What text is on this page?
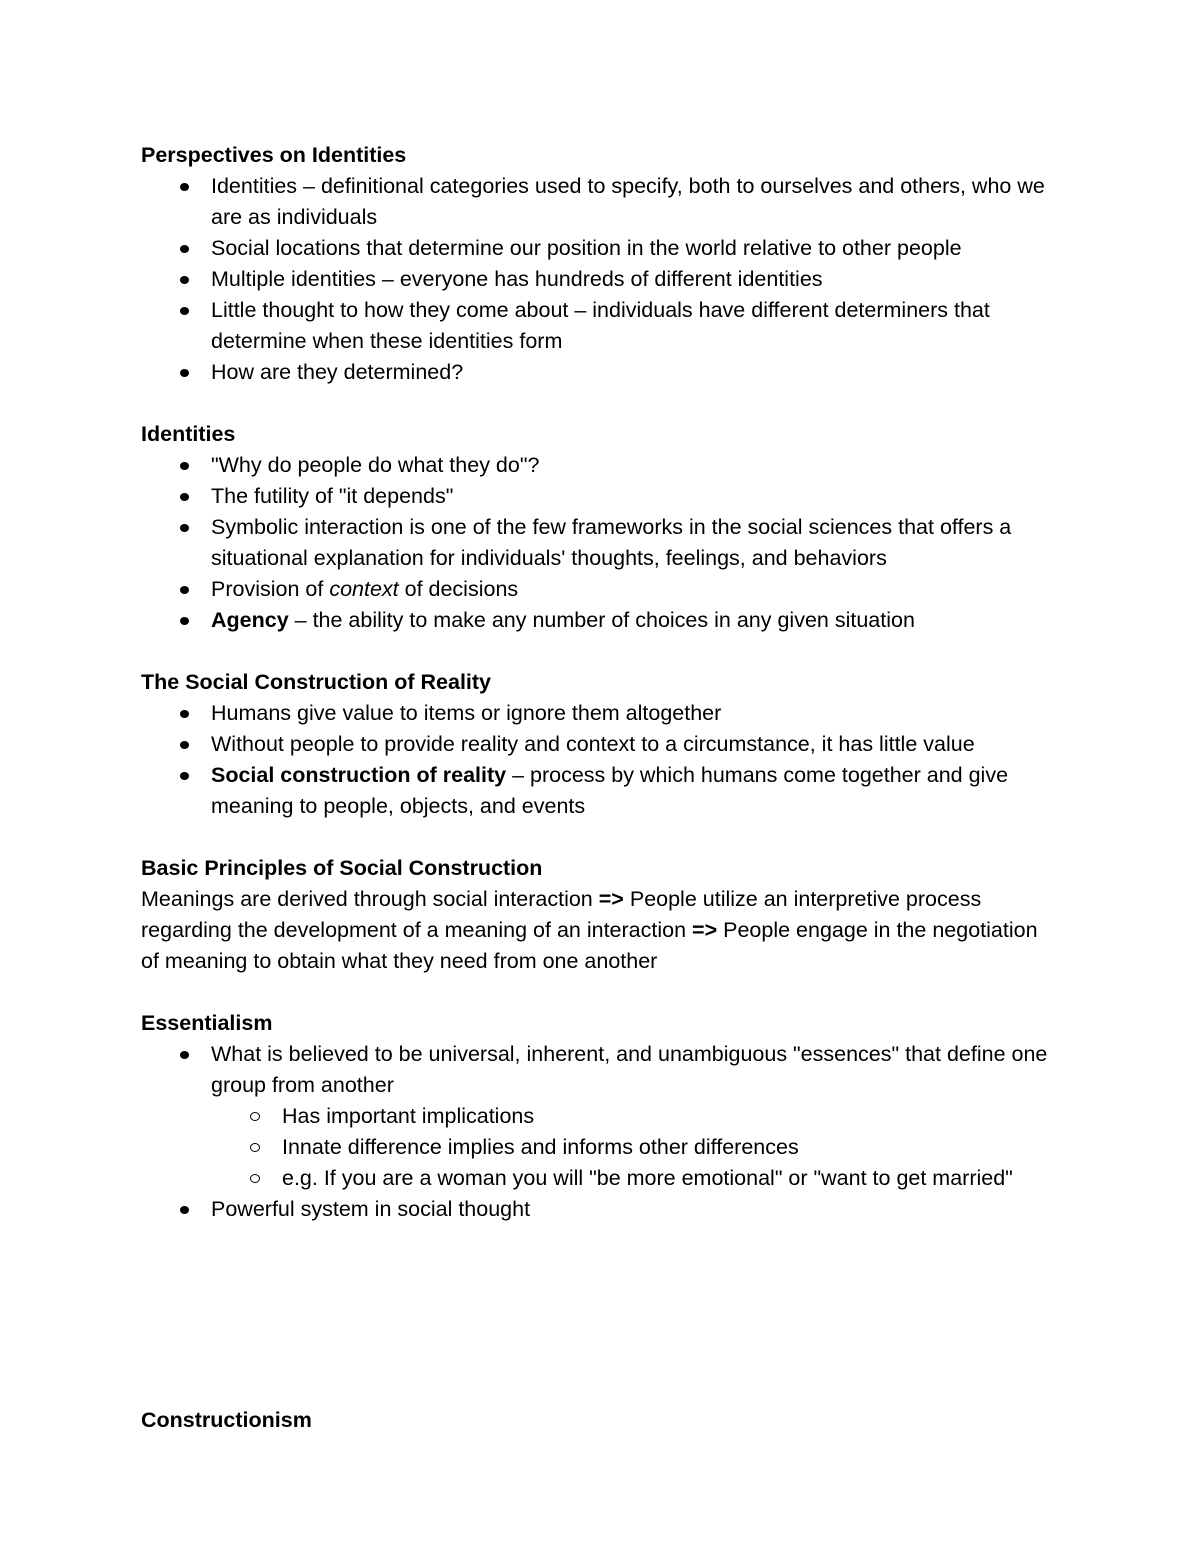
Perspectives on Identities

Identities – definitional categories used to specify, both to ourselves and others, who we are as individuals
Social locations that determine our position in the world relative to other people
Multiple identities – everyone has hundreds of different identities
Little thought to how they come about – individuals have different determiners that determine when these identities form
How are they determined?

Identities

"Why do people do what they do"?
The futility of "it depends"
Symbolic interaction is one of the few frameworks in the social sciences that offers a situational explanation for individuals' thoughts, feelings, and behaviors
Provision of context of decisions
Agency – the ability to make any number of choices in any given situation

The Social Construction of Reality

Humans give value to items or ignore them altogether
Without people to provide reality and context to a circumstance, it has little value
Social construction of reality – process by which humans come together and give meaning to people, objects, and events

Basic Principles of Social Construction

Meanings are derived through social interaction => People utilize an interpretive process regarding the development of a meaning of an interaction => People engage in the negotiation of meaning to obtain what they need from one another

Essentialism

What is believed to be universal, inherent, and unambiguous "essences" that define one group from another
Has important implications
Innate difference implies and informs other differences
e.g. If you are a woman you will "be more emotional" or "want to get married"
Powerful system in social thought

Constructionism
